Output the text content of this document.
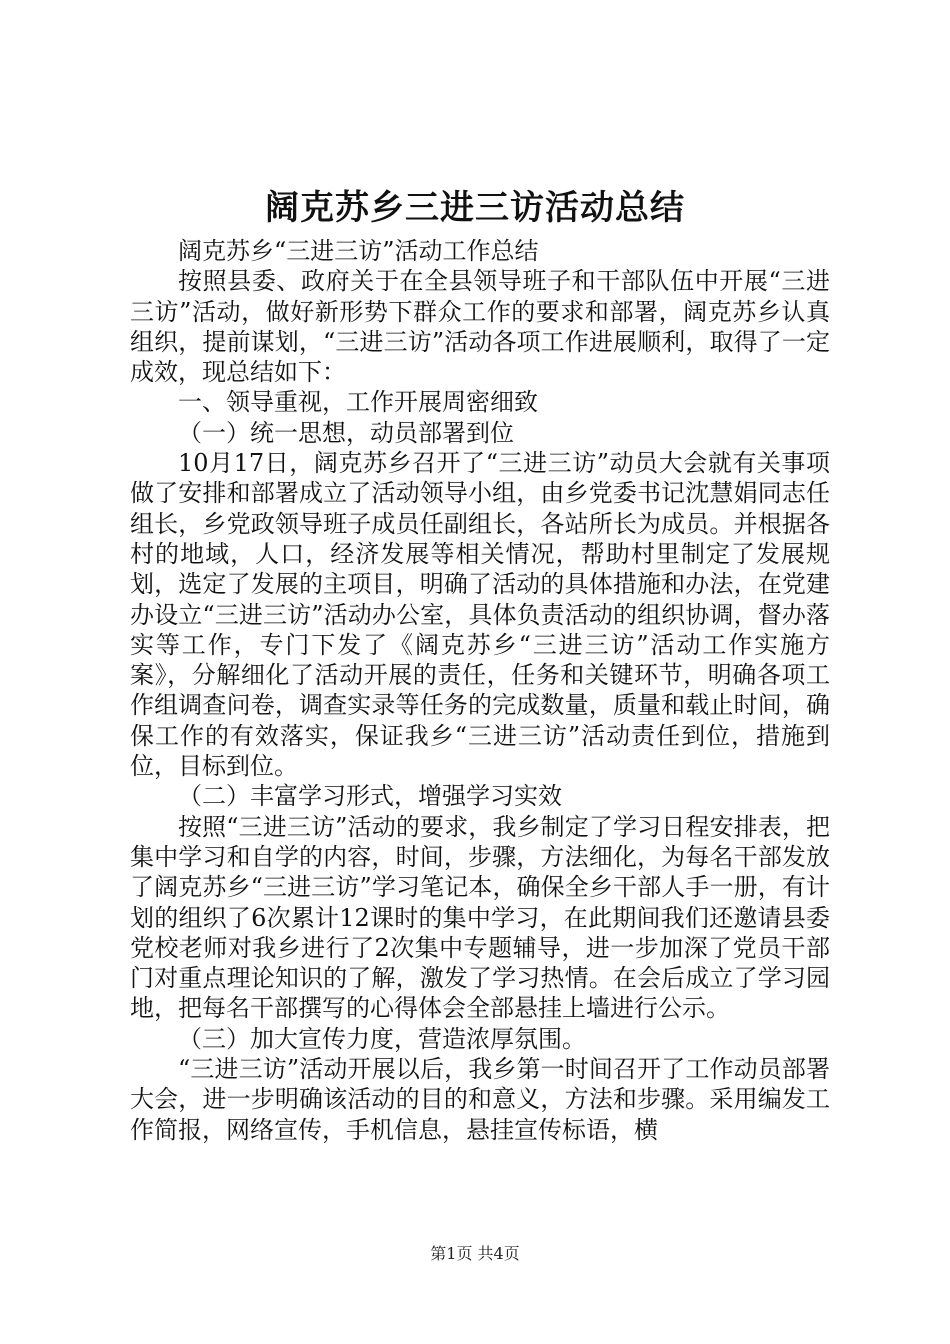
阔克苏乡三进三访活动总结

阔克苏乡“三进三访”活动工作总结

按照县委、政府关于在全县领导班子和干部队伍中开展“三进三访”活动，做好新形势下群众工作的要求和部署，阔克苏乡认真组织，提前谋划，“三进三访”活动各项工作进展顺利，取得了一定成效，现总结如下：

一、领导重视，工作开展周密细致

（一）统一思想，动员部署到位

10月17日，阔克苏乡召开了“三进三访”动员大会就有关事项做了安排和部署成立了活动领导小组，由乡党委书记沈慧娟同志任组长，乡党政领导班子成员任副组长，各站所长为成员。并根据各村的地域，人口，经济发展等相关情况，帮助村里制定了发展规划，选定了发展的主项目，明确了活动的具体措施和办法，在党建办设立“三进三访”活动办公室，具体负责活动的组织协调，督办落实等工作，专门下发了《阔克苏乡“三进三访”活动工作实施方案》，分解细化了活动开展的责任，任务和关键环节，明确各项工作组调查问卷，调查实录等任务的完成数量，质量和载止时间，确保工作的有效落实，保证我乡“三进三访”活动责任到位，措施到位，目标到位。

（二）丰富学习形式，增强学习实效

按照“三进三访”活动的要求，我乡制定了学习日程安排表，把集中学习和自学的内容，时间，步骤，方法细化，为每名干部发放了阔克苏乡“三进三访”学习笔记本，确保全乡干部人手一册，有计划的组织了6次累计12课时的集中学习，在此期间我们还邀请县委党校老师对我乡进行了2次集中专题辅导，进一步加深了党员干部门对重点理论知识的了解，激发了学习热情。在会后成立了学习园地，把每名干部撰写的心得体会全部悬挂上墙进行公示。

（三）加大宣传力度，营造浓厚氛围。

“三进三访”活动开展以后，我乡第一时间召开了工作动员部署大会，进一步明确该活动的目的和意义，方法和步骤。采用编发工作简报，网络宣传，手机信息，悬挂宣传标语，横

第1页 共4页
